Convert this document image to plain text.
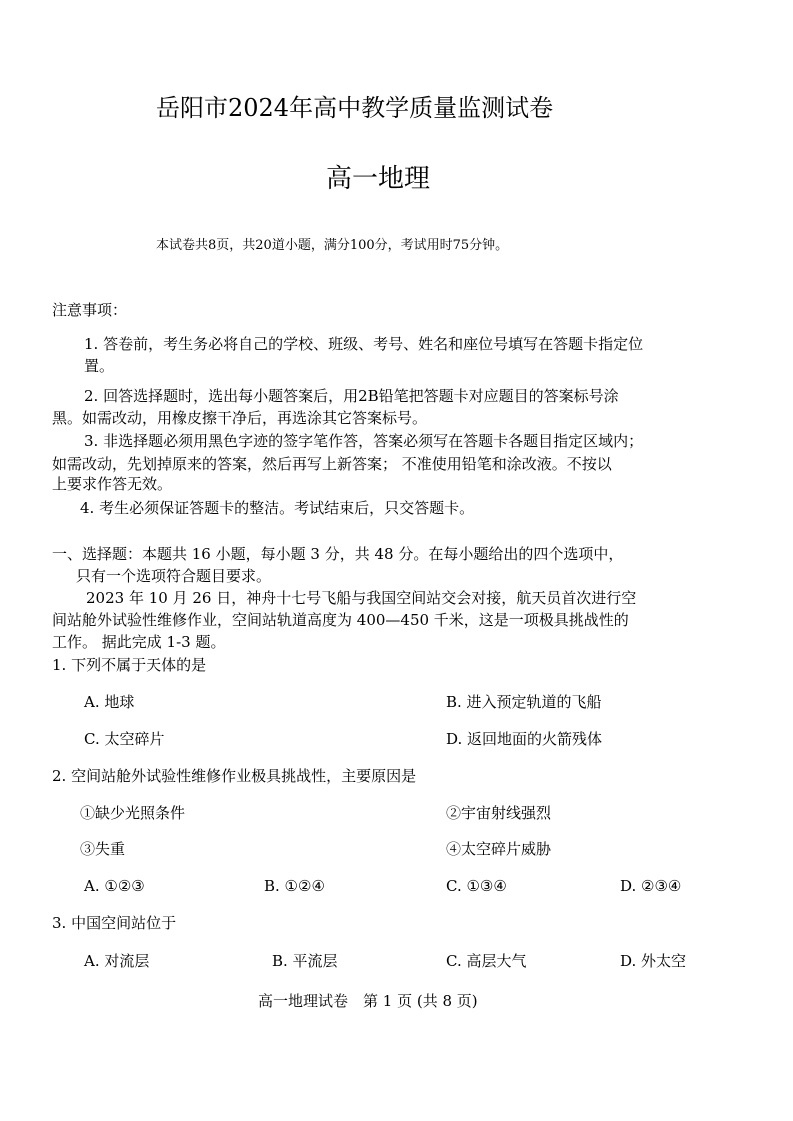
岳阳市2024年高中教学质量监测试卷
高一地理
本试卷共8页，共20道小题，满分100分，考试用时75分钟。
注意事项：
1. 答卷前，考生务必将自己的学校、班级、考号、姓名和座位号填写在答题卡指定位
置。
2. 回答选择题时，选出每小题答案后，用2B铅笔把答题卡对应题目的答案标号涂
黑。如需改动，用橡皮擦干净后，再选涂其它答案标号。
3. 非选择题必须用黑色字迹的签字笔作答，答案必须写在答题卡各题目指定区域内；
如需改动，先划掉原来的答案，然后再写上新答案； 不准使用铅笔和涂改液。不按以
上要求作答无效。
4. 考生必须保证答题卡的整洁。考试结束后，只交答题卡。
一、选择题：本题共 16 小题，每小题 3 分，共 48 分。在每小题给出的四个选项中，
只有一个选项符合题目要求。
2023 年 10 月 26 日，神舟十七号飞船与我国空间站交会对接，航天员首次进行空
间站舱外试验性维修作业，空间站轨道高度为 400—450 千米，这是一项极具挑战性的
工作。 据此完成 1-3 题。
1. 下列不属于天体的是
A. 地球	B. 进入预定轨道的飞船
C. 太空碎片	D. 返回地面的火箭残体
2. 空间站舱外试验性维修作业极具挑战性，主要原因是
①缺少光照条件	②宇宙射线强烈
③失重	④太空碎片威胁
A. ①②③	B. ①②④	C. ①③④	D. ②③④
3. 中国空间站位于
A. 对流层	B. 平流层	C. 高层大气	D. 外太空
高一地理试卷　第 1 页 (共 8 页)
